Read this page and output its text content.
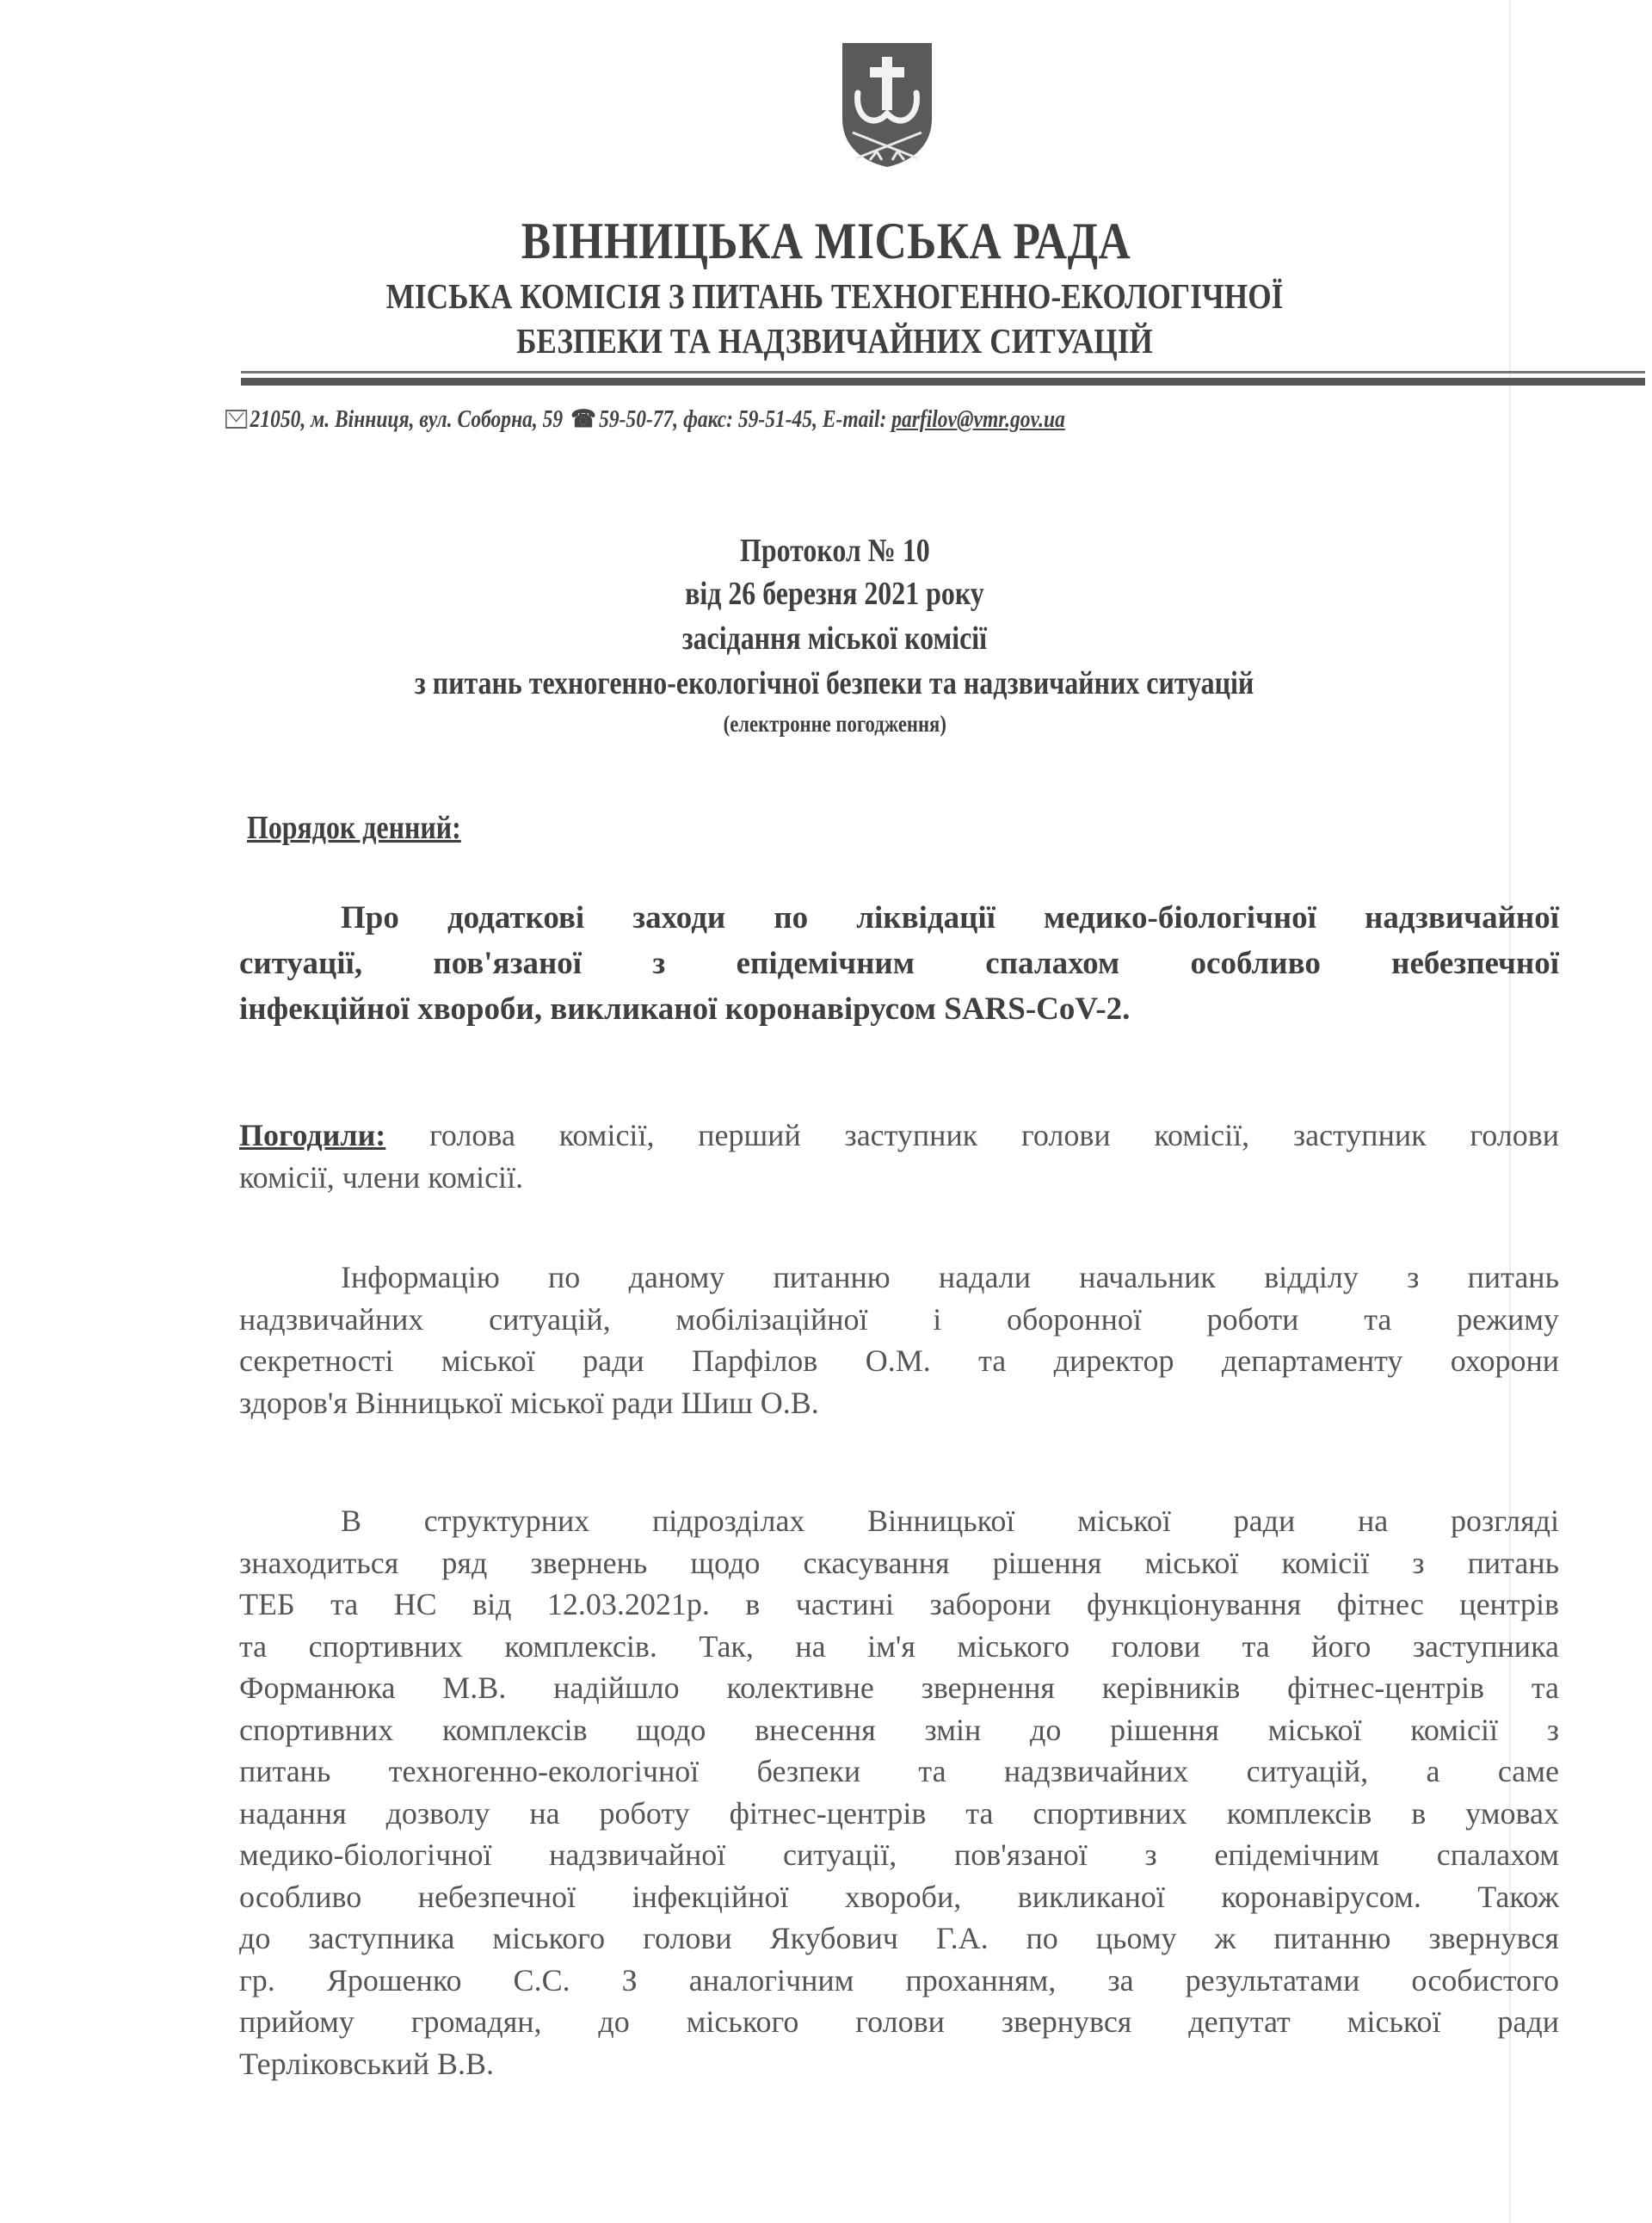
ВІННИЦЬКА МІСЬКА РАДА
МІСЬКА КОМІСІЯ З ПИТАНЬ ТЕХНОГЕННО-ЕКОЛОГІЧНОЇ
БЕЗПЕКИ ТА НАДЗВИЧАЙНИХ СИТУАЦІЙ
21050, м. Вінниця, вул. Соборна, 59 ☎ 59-50-77, факс: 59-51-45, E-mail: parfilov@vmr.gov.ua
Протокол № 10
від 26 березня 2021 року
засідання міської комісії
з питань техногенно-екологічної безпеки та надзвичайних ситуацій
(електронне погодження)
Порядок денний:
Про додаткові заходи по ліквідації медико-біологічної надзвичайної
ситуації, пов'язаної з епідемічним спалахом особливо небезпечної
інфекційної хвороби, викликаної коронавірусом SARS-CoV-2.
Погодили: голова комісії, перший заступник голови комісії, заступник голови
комісії, члени комісії.
Інформацію по даному питанню надали начальник відділу з питань
надзвичайних ситуацій, мобілізаційної і оборонної роботи та режиму
секретності міської ради Парфілов О.М. та директор департаменту охорони
здоров'я Вінницької міської ради Шиш О.В.
В структурних підрозділах Вінницької міської ради на розгляді
знаходиться ряд звернень щодо скасування рішення міської комісії з питань
ТЕБ та НС від 12.03.2021р. в частині заборони функціонування фітнес центрів
та спортивних комплексів. Так, на ім'я міського голови та його заступника
Форманюка М.В. надійшло колективне звернення керівників фітнес-центрів та
спортивних комплексів щодо внесення змін до рішення міської комісії з
питань техногенно-екологічної безпеки та надзвичайних ситуацій, а саме
надання дозволу на роботу фітнес-центрів та спортивних комплексів в умовах
медико-біологічної надзвичайної ситуації, пов'язаної з епідемічним спалахом
особливо небезпечної інфекційної хвороби, викликаної коронавірусом. Також
до заступника міського голови Якубович Г.А. по цьому ж питанню звернувся
гр. Ярошенко С.С. З аналогічним проханням, за результатами особистого
прийому громадян, до міського голови звернувся депутат міської ради
Терліковський В.В.
